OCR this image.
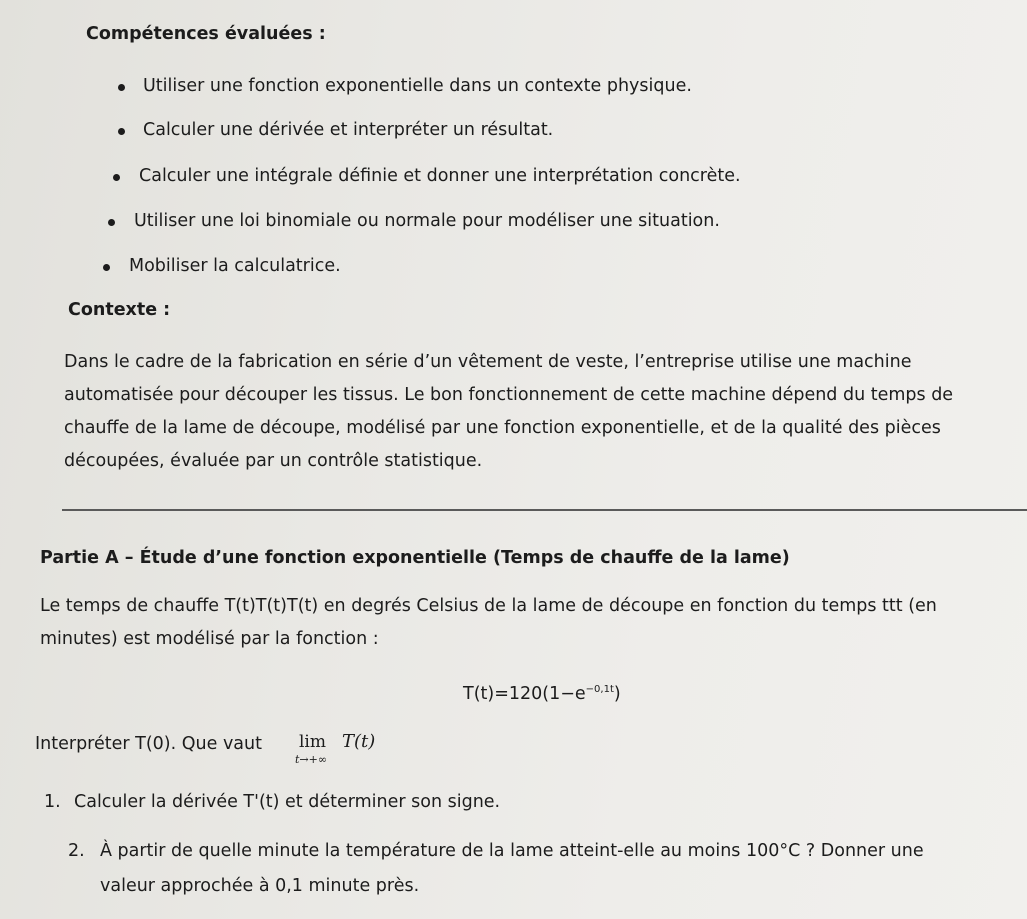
Compétences évaluées :
Utiliser une fonction exponentielle dans un contexte physique.
Calculer une dérivée et interpréter un résultat.
Calculer une intégrale définie et donner une interprétation concrète.
Utiliser une loi binomiale ou normale pour modéliser une situation.
Mobiliser la calculatrice.
Contexte :
Dans le cadre de la fabrication en série d’un vêtement de veste, l’entreprise utilise une machine
automatisée pour découper les tissus. Le bon fonctionnement de cette machine dépend du temps de
chauffe de la lame de découpe, modélisé par une fonction exponentielle, et de la qualité des pièces
découpées, évaluée par un contrôle statistique.
Partie A – Étude d’une fonction exponentielle (Temps de chauffe de la lame)
Le temps de chauffe T(t)T(t)T(t) en degrés Celsius de la lame de découpe en fonction du temps ttt (en
minutes) est modélisé par la fonction :
$T(t)=120(1-e^{-0,1t})$
Interpréter T(0). Que vaut lim
t→+∞
T(t)
1. Calculer la dérivée T'(t) et déterminer son signe.
2. À partir de quelle minute la température de la lame atteint-elle au moins 100°C ? Donner une
valeur approchée à 0,1 minute près.
